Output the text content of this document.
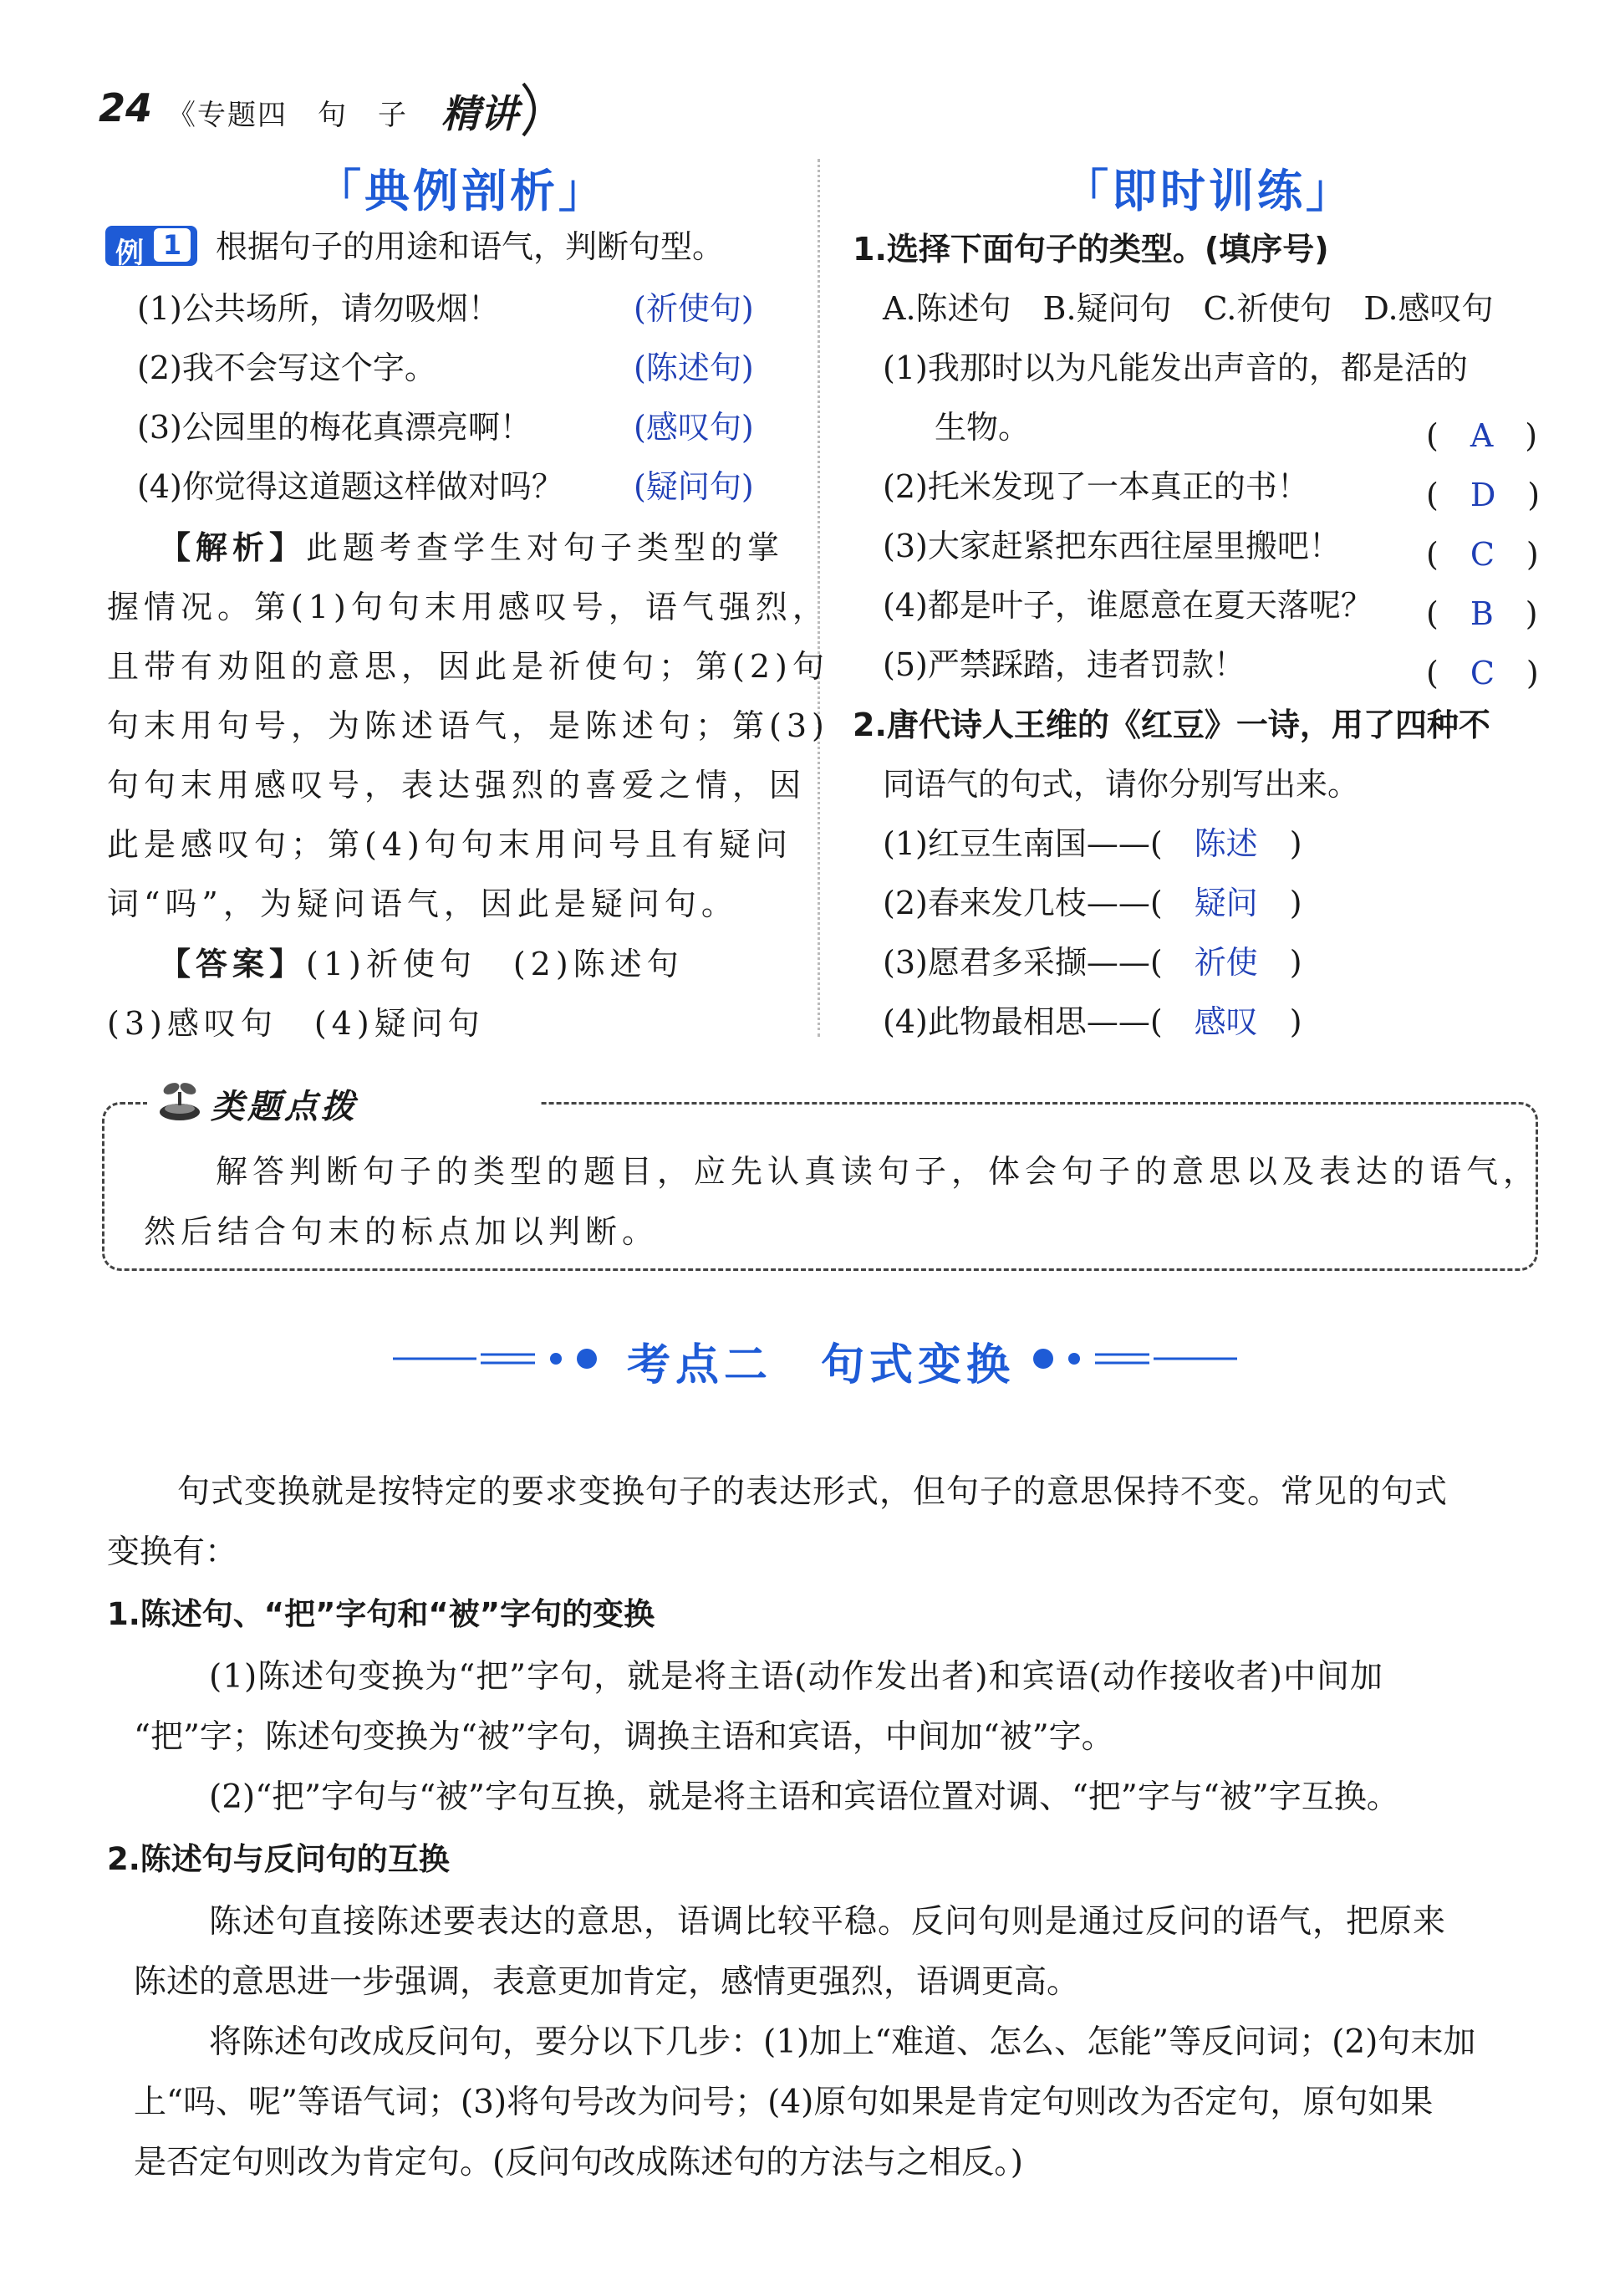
24 《专题四　句　子 精讲
「典例剖析」
例 1 根据句子的用途和语气，判断句型。
(1)公共场所，请勿吸烟！	(祈使句)
(2)我不会写这个字。	(陈述句)
(3)公园里的梅花真漂亮啊！	(感叹句)
(4)你觉得这道题这样做对吗？ (疑问句)
【解析】此题考查学生对句子类型的掌
握情况。第(1)句句末用感叹号，语气强烈，
且带有劝阻的意思，因此是祈使句；第(2)句
句末用句号，为陈述语气，是陈述句；第(3)
句句末用感叹号，表达强烈的喜爱之情，因
此是感叹句；第(4)句句末用问号且有疑问
词“吗”，为疑问语气，因此是疑问句。
【答案】(1)祈使句　(2)陈述句
(3)感叹句　(4)疑问句
「即时训练」
1.选择下面句子的类型。(填序号)
A.陈述句　B.疑问句　C.祈使句　D.感叹句
(1)我那时以为凡能发出声音的，都是活的
生物。	(　A　)
(2)托米发现了一本真正的书！	(　D　)
(3)大家赶紧把东西往屋里搬吧！	(　C　)
(4)都是叶子，谁愿意在夏天落呢？ (　B　)
(5)严禁踩踏，违者罚款！	(　C　)
2.唐代诗人王维的《红豆》一诗，用了四种不
同语气的句式，请你分别写出来。
(1)红豆生南国——(　 陈述　 )
(2)春来发几枝——(　 疑问　 )
(3)愿君多采撷——(　 祈使　 )
(4)此物最相思——(　 感叹　 )
类题点拨
解答判断句子的类型的题目，应先认真读句子，体会句子的意思以及表达的语气，
然后结合句末的标点加以判断。
考点二　句式变换
句式变换就是按特定的要求变换句子的表达形式，但句子的意思保持不变。常见的句式
变换有：
1.陈述句、“把”字句和“被”字句的变换
(1)陈述句变换为“把”字句，就是将主语(动作发出者)和宾语(动作接收者)中间加
“把”字；陈述句变换为“被”字句，调换主语和宾语，中间加“被”字。
(2)“把”字句与“被”字句互换，就是将主语和宾语位置对调、“把”字与“被”字互换。
2.陈述句与反问句的互换
陈述句直接陈述要表达的意思，语调比较平稳。反问句则是通过反问的语气，把原来
陈述的意思进一步强调，表意更加肯定，感情更强烈，语调更高。
将陈述句改成反问句，要分以下几步：(1)加上“难道、怎么、怎能”等反问词；(2)句末加
上“吗、呢”等语气词；(3)将句号改为问号；(4)原句如果是肯定句则改为否定句，原句如果
是否定句则改为肯定句。(反问句改成陈述句的方法与之相反。)
